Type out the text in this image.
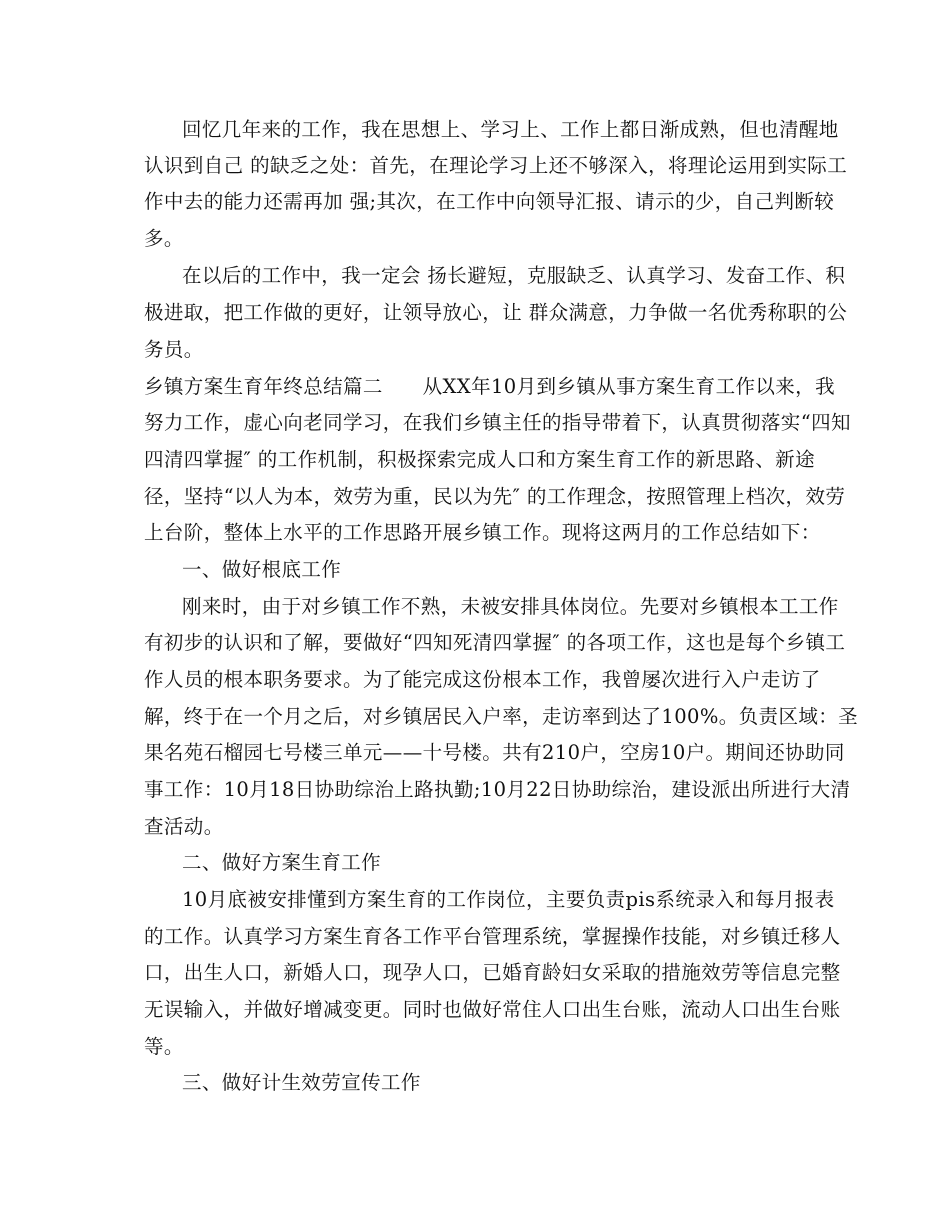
回忆几年来的工作，我在思想上、学习上、工作上都日渐成熟，但也清醒地

认识到自己 的缺乏之处：首先，在理论学习上还不够深入，将理论运用到实际工

作中去的能力还需再加 强;其次，在工作中向领导汇报、请示的少，自己判断较

多。

在以后的工作中，我一定会 扬长避短，克服缺乏、认真学习、发奋工作、积

极进取，把工作做的更好，让领导放心，让 群众满意，力争做一名优秀称职的公

务员。

乡镇方案生育年终总结篇二　　从XX年10月到乡镇从事方案生育工作以来，我

努力工作，虚心向老同学习，在我们乡镇主任的指导带着下，认真贯彻落实“四知

四清四掌握″ 的工作机制，积极探索完成人口和方案生育工作的新思路、新途

径，坚持“以人为本，效劳为重，民以为先″ 的工作理念，按照管理上档次，效劳

上台阶，整体上水平的工作思路开展乡镇工作。现将这两月的工作总结如下：

一、做好根底工作

刚来时，由于对乡镇工作不熟，未被安排具体岗位。先要对乡镇根本工工作

有初步的认识和了解，要做好“四知死清四掌握″ 的各项工作，这也是每个乡镇工

作人员的根本职务要求。为了能完成这份根本工作，我曾屡次进行入户走访了

解，终于在一个月之后，对乡镇居民入户率，走访率到达了100%。负责区域：圣

果名苑石榴园七号楼三单元——十号楼。共有210户，空房10户。期间还协助同

事工作：10月18日协助综治上路执勤;10月22日协助综治，建设派出所进行大清

查活动。

二、做好方案生育工作

10月底被安排懂到方案生育的工作岗位，主要负责pis系统录入和每月报表

的工作。认真学习方案生育各工作平台管理系统，掌握操作技能，对乡镇迁移人

口，出生人口，新婚人口，现孕人口，已婚育龄妇女采取的措施效劳等信息完整

无误输入，并做好增减变更。同时也做好常住人口出生台账，流动人口出生台账

等。

三、做好计生效劳宣传工作
